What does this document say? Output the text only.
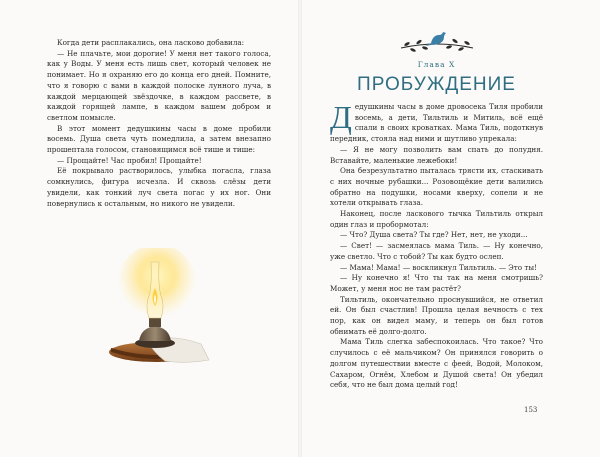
Когда дети расплакались, она ласково добавила:

— Не плачьте, мои дорогие! У меня нет такого голоса, как у Воды. У меня есть лишь свет, который человек не понимает. Но я охраняю его до конца его дней. Помните, что я говорю с вами в каждой полоске лунного луча, в каждой мерцающей звёздочке, в каждом рассвете, в каждой горящей лампе, в каждом вашем добром и светлом помысле.

В этот момент дедушкины часы в доме пробили восемь. Душа света чуть помедлила, а затем внезапно прошептала голосом, становящимся всё тише и тише:

— Прощайте! Час пробил! Прощайте!

Её покрывало растворилось, улыбка погасла, глаза сомкнулись, фигура исчезла. И сквозь слёзы дети увидели, как тонкий луч света погас у их ног. Они повернулись к остальным, но никого не увидели.

Глава X
ПРОБУЖДЕНИЕ

Дедушкины часы в доме дровосека Тиля пробили восемь, а дети, Тильтиль и Митиль, всё ещё спали в своих кроватках. Мама Тиль, подоткнув передник, стояла над ними и шутливо упрекала:

— Я не могу позволить вам спать до полудня. Вставайте, маленькие лежебоки!

Она безрезультатно пыталась трясти их, стаскивать с них ночные рубашки... Розовощёкие дети валились обратно на подушки, носами кверху, сопели и не хотели открывать глаза.

Наконец, после ласкового тычка Тильтиль открыл один глаз и пробормотал:

— Что? Душа света? Ты где? Нет, нет, не уходи...

— Свет! — засмеялась мама Тиль. — Ну конечно, уже светло. Что с тобой? Ты как будто ослеп.

— Мама! Мама! — воскликнул Тильтиль. — Это ты!

— Ну конечно я! Что ты так на меня смотришь? Может, у меня нос не там растёт?

Тильтиль, окончательно проснувшийся, не ответил ей. Он был счастлив! Прошла целая вечность с тех пор, как он видел маму, и теперь он был готов обнимать её долго-долго.

Мама Тиль слегка забеспокоилась. Что такое? Что случилось с её мальчиком? Он принялся говорить о долгом путешествии вместе с феей, Водой, Молоком, Сахаром, Огнём, Хлебом и Душой света! Он убедил себя, что не был дома целый год!

153
